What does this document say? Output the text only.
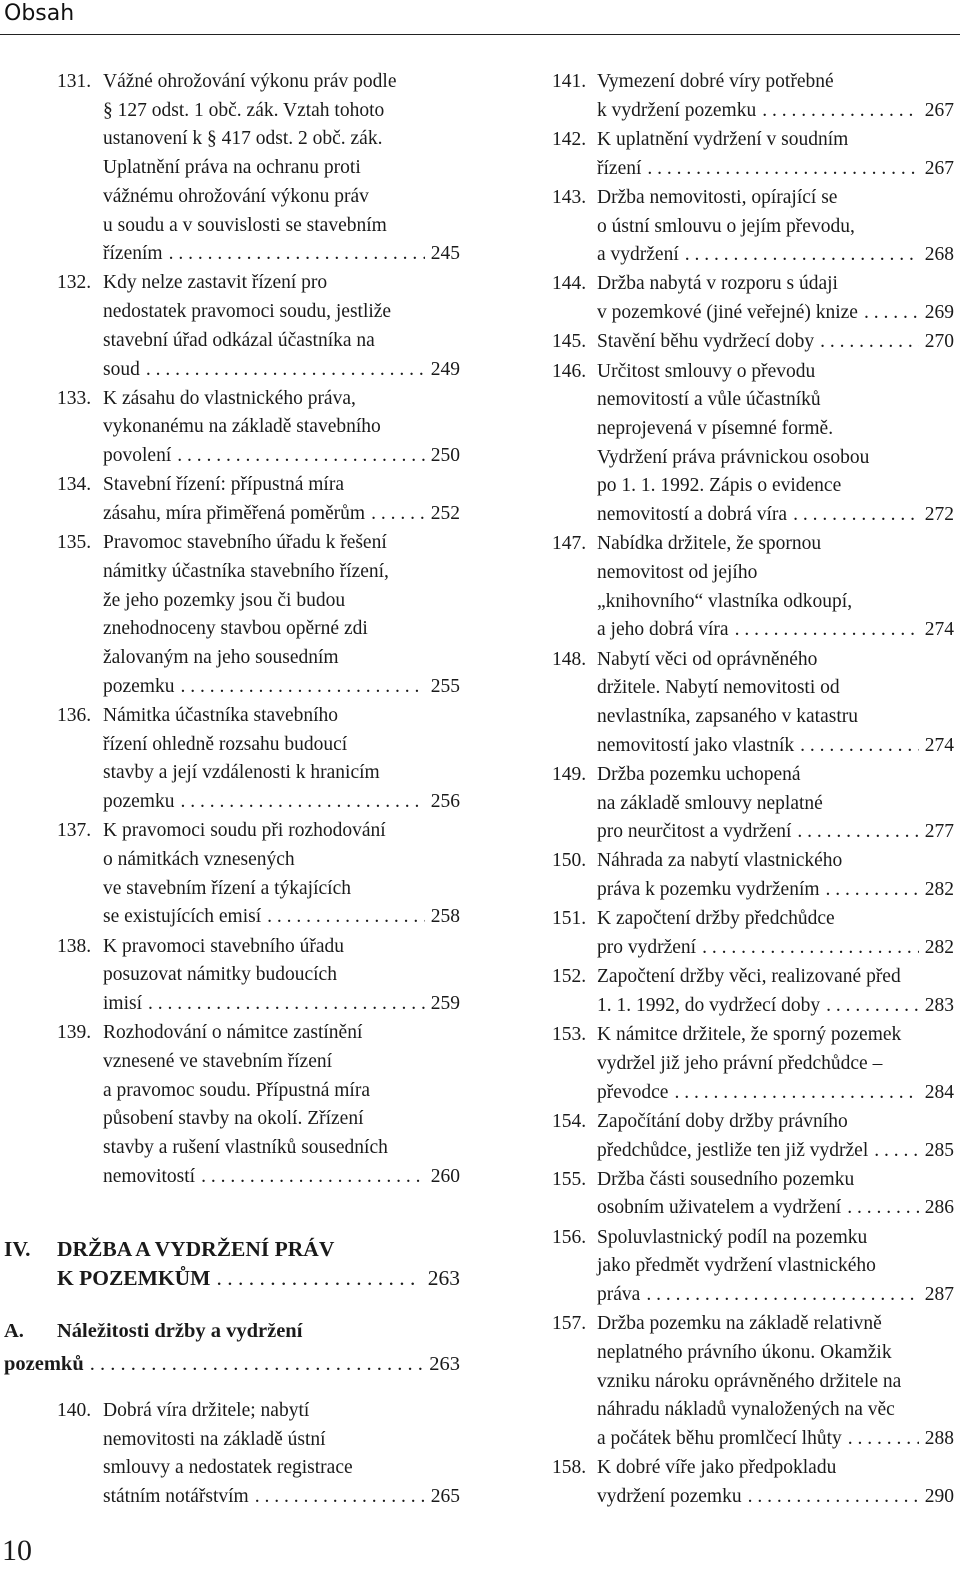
Obsah
131. Vážné ohrožování výkonu práv podle
§ 127 odst. 1 obč. zák. Vztah tohoto
ustanovení k § 417 odst. 2 obč. zák.
Uplatnění práva na ochranu proti
vážnému ohrožování výkonu práv
u soudu a v souvislosti se stavebním
řízením . . .	245
132. Kdy nelze zastavit řízení pro
nedostatek pravomoci soudu, jestliže
stavební úřad odkázal účastníka na
soud . . .	249
133. K zásahu do vlastnického práva,
vykonanému na základě stavebního
povolení . . .	250
134. Stavební řízení: přípustná míra
zásahu, míra přiměřená poměrům . . .	252
135. Pravomoc stavebního úřadu k řešení
námitky účastníka stavebního řízení,
že jeho pozemky jsou či budou
znehodnoceny stavbou opěrné zdi
žalovaným na jeho sousedním
pozemku . . .	255
136. Námitka účastníka stavebního
řízení ohledně rozsahu budoucí
stavby a její vzdálenosti k hranicím
pozemku . . .	256
137. K pravomoci soudu při rozhodování
o námitkách vznesených
ve stavebním řízení a týkajících
se existujících emisí . . .	258
138. K pravomoci stavebního úřadu
posuzovat námitky budoucích
imisí . . .	259
139. Rozhodování o námitce zastínění
vznesené ve stavebním řízení
a pravomoc soudu. Přípustná míra
působení stavby na okolí. Zřízení
stavby a rušení vlastníků sousedních
nemovitostí . . .	260
IV. DRŽBA A VYDRŽENÍ PRÁV
K POZEMKŮM . . .	263
A. Náležitosti držby a vydržení
pozemků . . .	263
140. Dobrá víra držitele; nabytí
nemovitosti na základě ústní
smlouvy a nedostatek registrace
státním notářstvím . . .	265
141. Vymezení dobré víry potřebné
k vydržení pozemku . . .	267
142. K uplatnění vydržení v soudním
řízení . . .	267
143. Držba nemovitosti, opírající se
o ústní smlouvu o jejím převodu,
a vydržení . . .	268
144. Držba nabytá v rozporu s údaji
v pozemkové (jiné veřejné) knize . . .	269
145. Stavění běhu vydržecí doby . . .	270
146. Určitost smlouvy o převodu
nemovitostí a vůle účastníků
neprojevená v písemné formě.
Vydržení práva právnickou osobou
po 1. 1. 1992. Zápis o evidence
nemovitostí a dobrá víra . . .	272
147. Nabídka držitele, že spornou
nemovitost od jejího
„knihovního“ vlastníka odkoupí,
a jeho dobrá víra . . .	274
148. Nabytí věci od oprávněného
držitele. Nabytí nemovitosti od
nevlastníka, zapsaného v katastru
nemovitostí jako vlastník . . .	274
149. Držba pozemku uchopená
na základě smlouvy neplatné
pro neurčitost a vydržení . . .	277
150. Náhrada za nabytí vlastnického
práva k pozemku vydržením . . .	282
151. K započtení držby předchůdce
pro vydržení . . .	282
152. Započtení držby věci, realizované před
1. 1. 1992, do vydržecí doby . . .	283
153. K námitce držitele, že sporný pozemek
vydržel již jeho právní předchůdce –
převodce . . .	284
154. Započítání doby držby právního
předchůdce, jestliže ten již vydržel . . .	285
155. Držba části sousedního pozemku
osobním uživatelem a vydržení . . .	286
156. Spoluvlastnický podíl na pozemku
jako předmět vydržení vlastnického
práva . . .	287
157. Držba pozemku na základě relativně
neplatného právního úkonu. Okamžik
vzniku nároku oprávněného držitele na
náhradu nákladů vynaložených na věc
a počátek běhu promlčecí lhůty . . .	288
158. K dobré víře jako předpokladu
vydržení pozemku . . .	290
10
